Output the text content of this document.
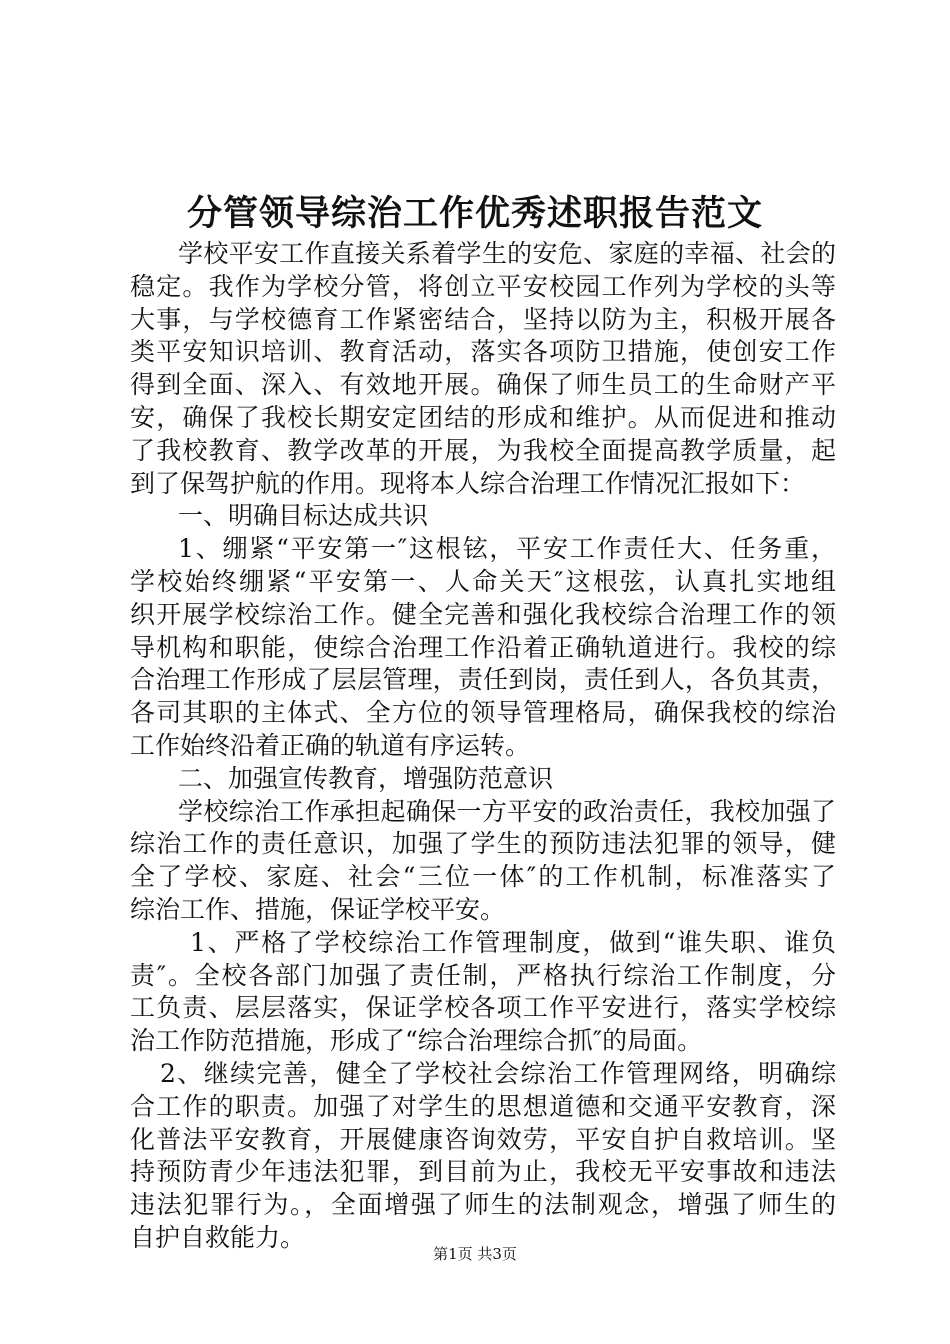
分管领导综治工作优秀述职报告范文
学校平安工作直接关系着学生的安危、家庭的幸福、社会的
稳定。我作为学校分管，将创立平安校园工作列为学校的头等
大事，与学校德育工作紧密结合，坚持以防为主，积极开展各
类平安知识培训、教育活动，落实各项防卫措施，使创安工作
得到全面、深入、有效地开展。确保了师生员工的生命财产平
安，确保了我校长期安定团结的形成和维护。从而促进和推动
了我校教育、教学改革的开展，为我校全面提高教学质量，起
到了保驾护航的作用。现将本人综合治理工作情况汇报如下：
一、明确目标达成共识
1、绷紧“平安第一″这根铉，平安工作责任大、任务重，
学校始终绷紧“平安第一、人命关天″这根弦，认真扎实地组
织开展学校综治工作。健全完善和强化我校综合治理工作的领
导机构和职能，使综合治理工作沿着正确轨道进行。我校的综
合治理工作形成了层层管理，责任到岗，责任到人，各负其责，
各司其职的主体式、全方位的领导管理格局，确保我校的综治
工作始终沿着正确的轨道有序运转。
二、加强宣传教育，增强防范意识
学校综治工作承担起确保一方平安的政治责任，我校加强了
综治工作的责任意识，加强了学生的预防违法犯罪的领导，健
全了学校、家庭、社会“三位一体″的工作机制，标准落实了
综治工作、措施，保证学校平安。
1、严格了学校综治工作管理制度，做到“谁失职、谁负
责″。全校各部门加强了责任制，严格执行综治工作制度，分
工负责、层层落实，保证学校各项工作平安进行，落实学校综
治工作防范措施，形成了“综合治理综合抓″的局面。
2、继续完善，健全了学校社会综治工作管理网络，明确综
合工作的职责。加强了对学生的思想道德和交通平安教育，深
化普法平安教育，开展健康咨询效劳，平安自护自救培训。坚
持预防青少年违法犯罪，到目前为止，我校无平安事故和违法
违法犯罪行为。，全面增强了师生的法制观念，增强了师生的
自护自救能力。
第1页 共3页
